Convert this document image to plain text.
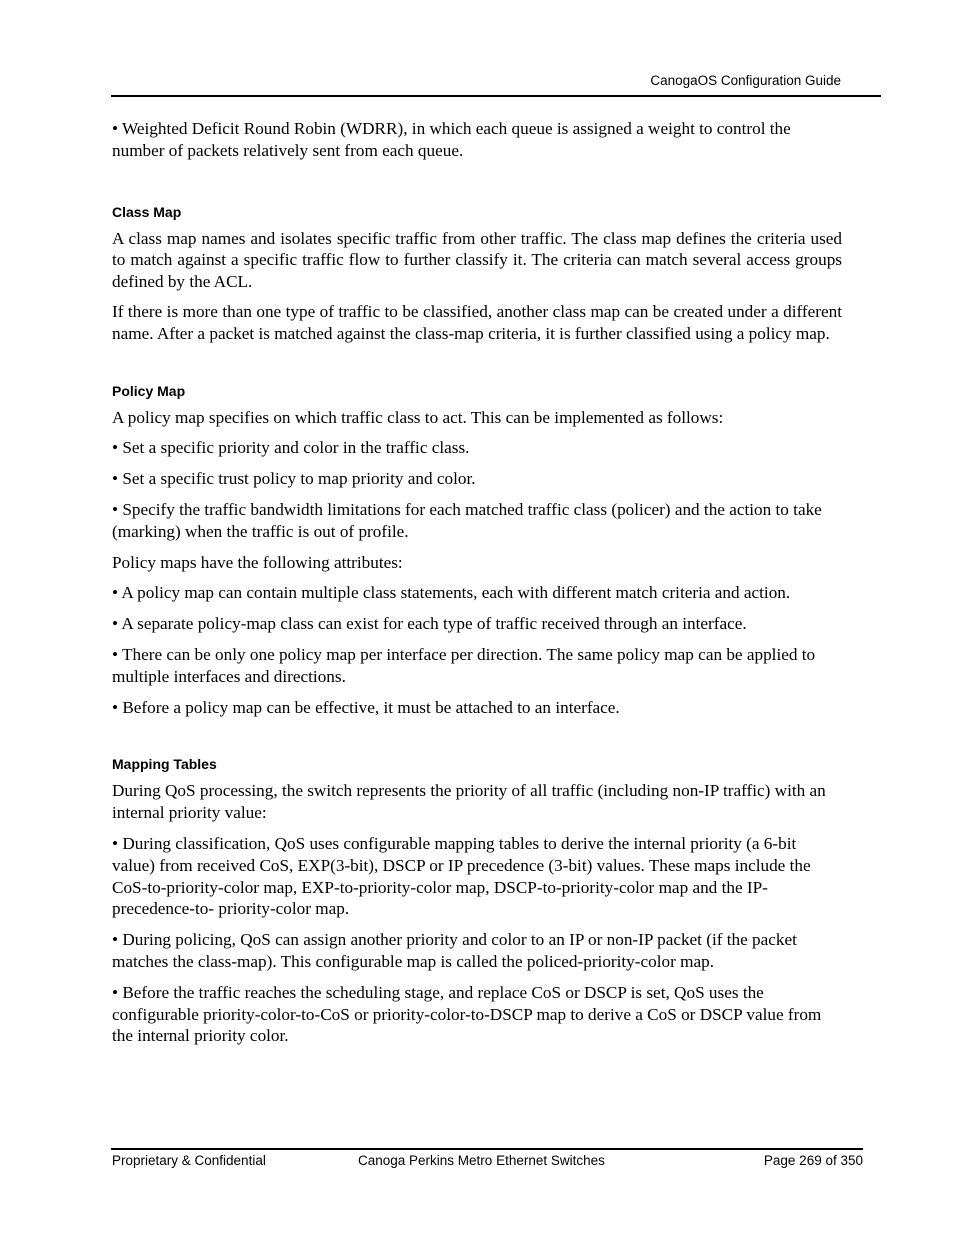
CanogaOS Configuration Guide

• Weighted Deficit Round Robin (WDRR), in which each queue is assigned a weight to control the number of packets relatively sent from each queue.

Class Map

A class map names and isolates specific traffic from other traffic. The class map defines the criteria used to match against a specific traffic flow to further classify it. The criteria can match several access groups defined by the ACL.

If there is more than one type of traffic to be classified, another class map can be created under a different name. After a packet is matched against the class-map criteria, it is further classified using a policy map.

Policy Map

A policy map specifies on which traffic class to act. This can be implemented as follows:

• Set a specific priority and color in the traffic class.

• Set a specific trust policy to map priority and color.

• Specify the traffic bandwidth limitations for each matched traffic class (policer) and the action to take (marking) when the traffic is out of profile.

Policy maps have the following attributes:

• A policy map can contain multiple class statements, each with different match criteria and action.

• A separate policy-map class can exist for each type of traffic received through an interface.

• There can be only one policy map per interface per direction. The same policy map can be applied to multiple interfaces and directions.

• Before a policy map can be effective, it must be attached to an interface.

Mapping Tables

During QoS processing, the switch represents the priority of all traffic (including non-IP traffic) with an internal priority value:

• During classification, QoS uses configurable mapping tables to derive the internal priority (a 6-bit value) from received CoS, EXP(3-bit), DSCP or IP precedence (3-bit) values. These maps include the CoS-to-priority-color map, EXP-to-priority-color map, DSCP-to-priority-color map and the IP-precedence-to- priority-color map.

• During policing, QoS can assign another priority and color to an IP or non-IP packet (if the packet matches the class-map). This configurable map is called the policed-priority-color map.

• Before the traffic reaches the scheduling stage, and replace CoS or DSCP is set, QoS uses the configurable priority-color-to-CoS or priority-color-to-DSCP map to derive a CoS or DSCP value from the internal priority color.

Proprietary & Confidential	Canoga Perkins Metro Ethernet Switches	Page 269 of 350
